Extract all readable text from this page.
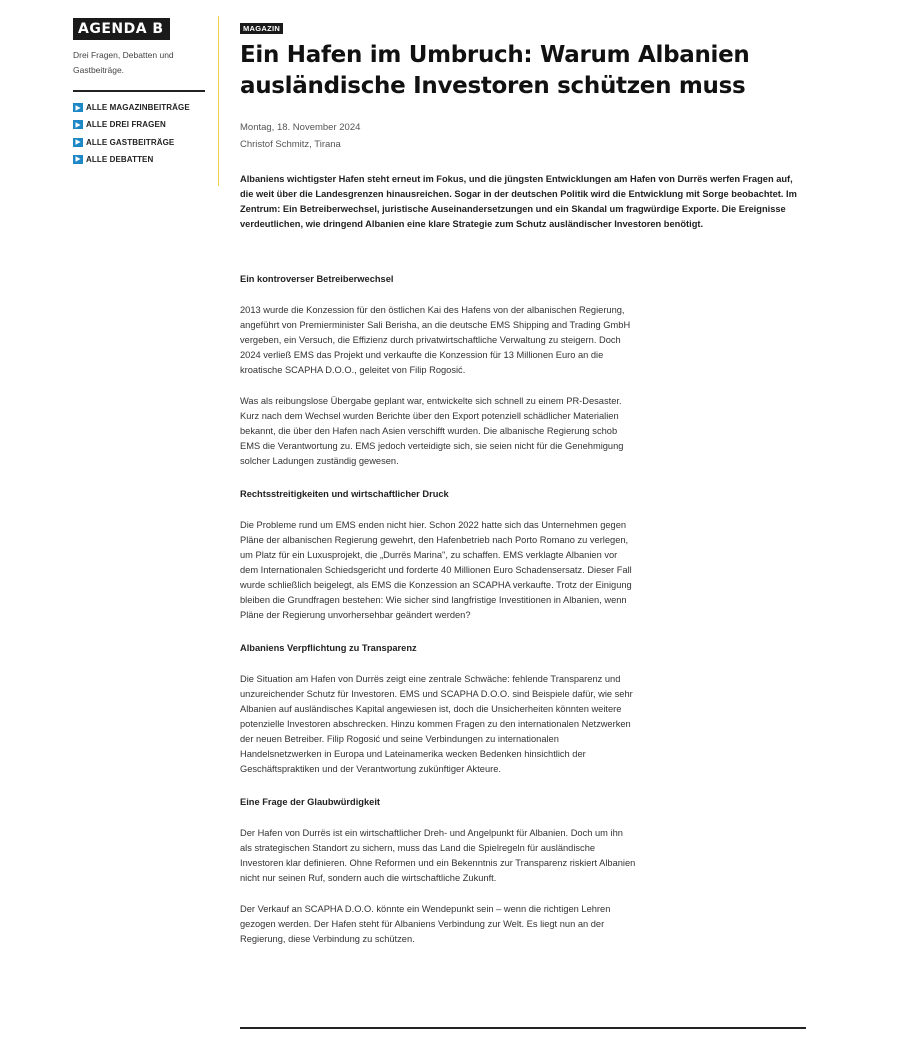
AGENDA B
Drei Fragen, Debatten und Gastbeiträge.
ALLE MAGAZINBEITRÄGE
ALLE DREI FRAGEN
ALLE GASTBEITRÄGE
ALLE DEBATTEN
MAGAZIN
Ein Hafen im Umbruch: Warum Albanien ausländische Investoren schützen muss
Montag, 18. November 2024
Christof Schmitz, Tirana
Albaniens wichtigster Hafen steht erneut im Fokus, und die jüngsten Entwicklungen am Hafen von Durrës werfen Fragen auf, die weit über die Landesgrenzen hinausreichen. Sogar in der deutschen Politik wird die Entwicklung mit Sorge beobachtet. Im Zentrum: Ein Betreiberwechsel, juristische Auseinandersetzungen und ein Skandal um fragwürdige Exporte. Die Ereignisse verdeutlichen, wie dringend Albanien eine klare Strategie zum Schutz ausländischer Investoren benötigt.
Ein kontroverser Betreiberwechsel

2013 wurde die Konzession für den östlichen Kai des Hafens von der albanischen Regierung, angeführt von Premierminister Sali Berisha, an die deutsche EMS Shipping and Trading GmbH vergeben, ein Versuch, die Effizienz durch privatwirtschaftliche Verwaltung zu steigern. Doch 2024 verließ EMS das Projekt und verkaufte die Konzession für 13 Millionen Euro an die kroatische SCAPHA D.O.O., geleitet von Filip Rogosić.

Was als reibungslose Übergabe geplant war, entwickelte sich schnell zu einem PR-Desaster. Kurz nach dem Wechsel wurden Berichte über den Export potenziell schädlicher Materialien bekannt, die über den Hafen nach Asien verschifft wurden. Die albanische Regierung schob EMS die Verantwortung zu. EMS jedoch verteidigte sich, sie seien nicht für die Genehmigung solcher Ladungen zuständig gewesen.

Rechtsstreitigkeiten und wirtschaftlicher Druck

Die Probleme rund um EMS enden nicht hier. Schon 2022 hatte sich das Unternehmen gegen Pläne der albanischen Regierung gewehrt, den Hafenbetrieb nach Porto Romano zu verlegen, um Platz für ein Luxusprojekt, die „Durrës Marina", zu schaffen. EMS verklagte Albanien vor dem Internationalen Schiedsgericht und forderte 40 Millionen Euro Schadensersatz. Dieser Fall wurde schließlich beigelegt, als EMS die Konzession an SCAPHA verkaufte. Trotz der Einigung bleiben die Grundfragen bestehen: Wie sicher sind langfristige Investitionen in Albanien, wenn Pläne der Regierung unvorhersehbar geändert werden?

Albaniens Verpflichtung zu Transparenz

Die Situation am Hafen von Durrës zeigt eine zentrale Schwäche: fehlende Transparenz und unzureichender Schutz für Investoren. EMS und SCAPHA D.O.O. sind Beispiele dafür, wie sehr Albanien auf ausländisches Kapital angewiesen ist, doch die Unsicherheiten könnten weitere potenzielle Investoren abschrecken. Hinzu kommen Fragen zu den internationalen Netzwerken der neuen Betreiber. Filip Rogosić und seine Verbindungen zu internationalen Handelsnetzwerken in Europa und Lateinamerika wecken Bedenken hinsichtlich der Geschäftspraktiken und der Verantwortung zukünftiger Akteure.

Eine Frage der Glaubwürdigkeit

Der Hafen von Durrës ist ein wirtschaftlicher Dreh- und Angelpunkt für Albanien. Doch um ihn als strategischen Standort zu sichern, muss das Land die Spielregeln für ausländische Investoren klar definieren. Ohne Reformen und ein Bekenntnis zur Transparenz riskiert Albanien nicht nur seinen Ruf, sondern auch die wirtschaftliche Zukunft.

Der Verkauf an SCAPHA D.O.O. könnte ein Wendepunkt sein – wenn die richtigen Lehren gezogen werden. Der Hafen steht für Albaniens Verbindung zur Welt. Es liegt nun an der Regierung, diese Verbindung zu schützen.
